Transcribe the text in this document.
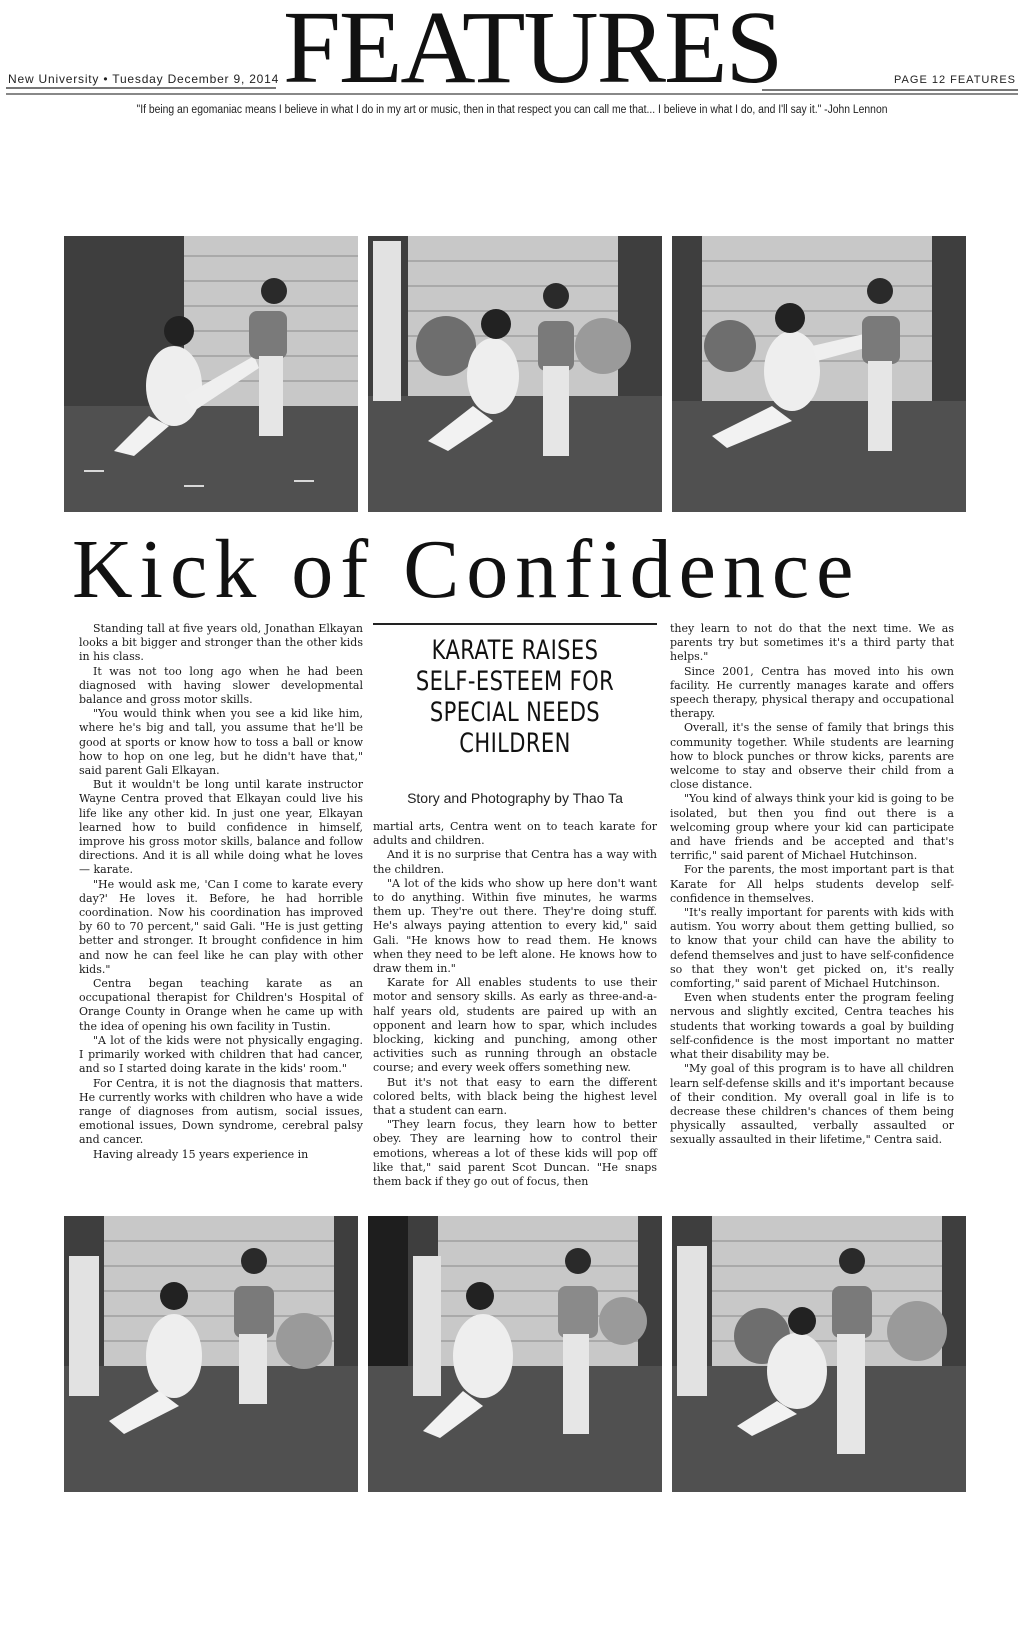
New University • Tuesday December 9, 2014 FEATURES	PAGE 12 FEATURES
"If being an egomaniac means I believe in what I do in my art or music, then in that respect you can call me that... I believe in what I do, and I'll say it." -John Lennon
Kick of Confidence

Standing tall at five years old, Jonathan Elkayan looks a bit bigger and stronger than the other kids in his class.

It was not too long ago when he had been diagnosed with having slower developmental balance and gross motor skills.

"You would think when you see a kid like him, where he's big and tall, you assume that he'll be good at sports or know how to toss a ball or know how to hop on one leg, but he didn't have that," said parent Gali Elkayan.

But it wouldn't be long until karate instructor Wayne Centra proved that Elkayan could live his life like any other kid. In just one year, Elkayan learned how to build confidence in himself, improve his gross motor skills, balance and follow directions. And it is all while doing what he loves — karate.

"He would ask me, 'Can I come to karate every day?' He loves it. Before, he had horrible coordination. Now his coordination has improved by 60 to 70 percent," said Gali. "He is just getting better and stronger. It brought confidence in him and now he can feel like he can play with other kids."

Centra began teaching karate as an occupational therapist for Children's Hospital of Orange County in Orange when he came up with the idea of opening his own facility in Tustin.

"A lot of the kids were not physically engaging. I primarily worked with children that had cancer, and so I started doing karate in the kids' room."

For Centra, it is not the diagnosis that matters. He currently works with children who have a wide range of diagnoses from autism, social issues, emotional issues, Down syndrome, cerebral palsy and cancer.

Having already 15 years experience in

KARATE RAISES
SELF-ESTEEM FOR
SPECIAL NEEDS
CHILDREN
Story and Photography by Thao Ta

martial arts, Centra went on to teach karate for adults and children.

And it is no surprise that Centra has a way with the children.

"A lot of the kids who show up here don't want to do anything. Within five minutes, he warms them up. They're out there. They're doing stuff. He's always paying attention to every kid," said Gali. "He knows how to read them. He knows when they need to be left alone. He knows how to draw them in."

Karate for All enables students to use their motor and sensory skills. As early as three-and-a-half years old, students are paired up with an opponent and learn how to spar, which includes blocking, kicking and punching, among other activities such as running through an obstacle course; and every week offers something new.

But it's not that easy to earn the different colored belts, with black being the highest level that a student can earn.

"They learn focus, they learn how to better obey. They are learning how to control their emotions, whereas a lot of these kids will pop off like that," said parent Scot Duncan. "He snaps them back if they go out of focus, then

they learn to not do that the next time. We as parents try but sometimes it's a third party that helps."

Since 2001, Centra has moved into his own facility. He currently manages karate and offers speech therapy, physical therapy and occupational therapy.

Overall, it's the sense of family that brings this community together. While students are learning how to block punches or throw kicks, parents are welcome to stay and observe their child from a close distance.

"You kind of always think your kid is going to be isolated, but then you find out there is a welcoming group where your kid can participate and have friends and be accepted and that's terrific," said parent of Michael Hutchinson.

For the parents, the most important part is that Karate for All helps students develop self-confidence in themselves.

"It's really important for parents with kids with autism. You worry about them getting bullied, so to know that your child can have the ability to defend themselves and just to have self-confidence so that they won't get picked on, it's really comforting," said parent of Michael Hutchinson.

Even when students enter the program feeling nervous and slightly excited, Centra teaches his students that working towards a goal by building self-confidence is the most important no matter what their disability may be.

"My goal of this program is to have all children learn self-defense skills and it's important because of their condition. My overall goal in life is to decrease these children's chances of them being physically assaulted, verbally assaulted or sexually assaulted in their lifetime," Centra said.
